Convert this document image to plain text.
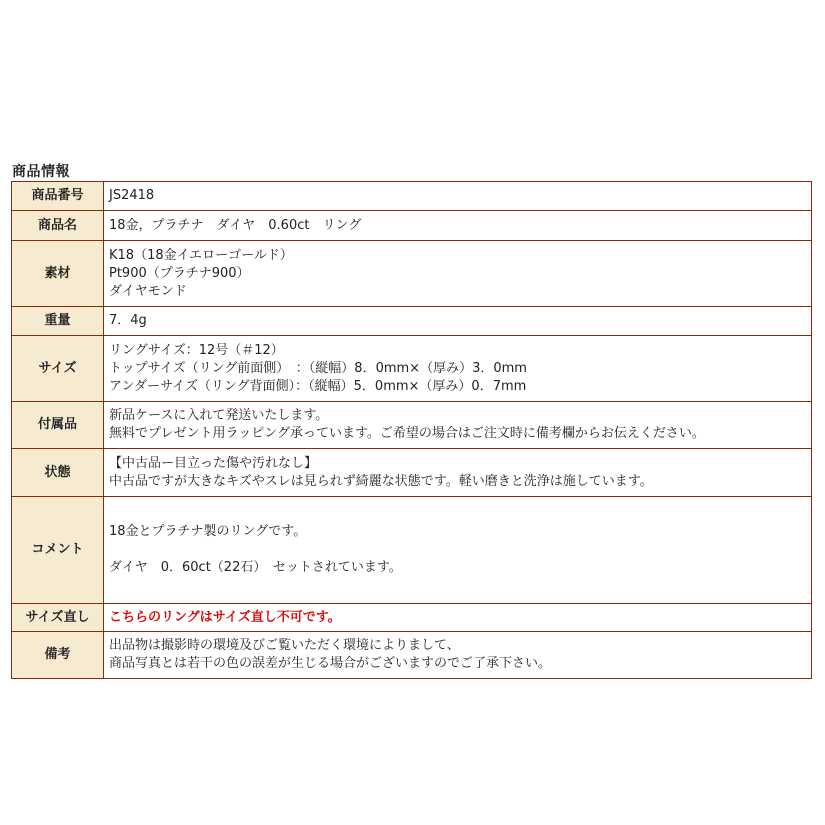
商品情報
商品番号	JS2418

商品名	18金，プラチナ　ダイヤ　0.60ct　リング

素材	K18（18金イエローゴールド）
Pt900（プラチナ900）
ダイヤモンド

重量	7．4g

サイズ	リングサイズ：12号（＃12）
トップサイズ（リング前面側）　：（縦幅）8．0mm×（厚み）3．0mm
アンダーサイズ（リング背面側）：（縦幅）5．0mm×（厚み）0．7mm

付属品	新品ケースに入れて発送いたします。
無料でプレゼント用ラッピング承っています。ご希望の場合はご注文時に備考欄からお伝えください。

状態	【中古品ー目立った傷や汚れなし】
中古品ですが大きなキズやスレは見られず綺麗な状態です。軽い磨きと洗浄は施しています。

コメント	18金とプラチナ製のリングです。
ダイヤ　0．60ct（22石）　セットされています。

サイズ直し	こちらのリングはサイズ直し不可です。

備考	出品物は撮影時の環境及びご覧いただく環境によりまして、
商品写真とは若干の色の誤差が生じる場合がございますのでご了承下さい。
